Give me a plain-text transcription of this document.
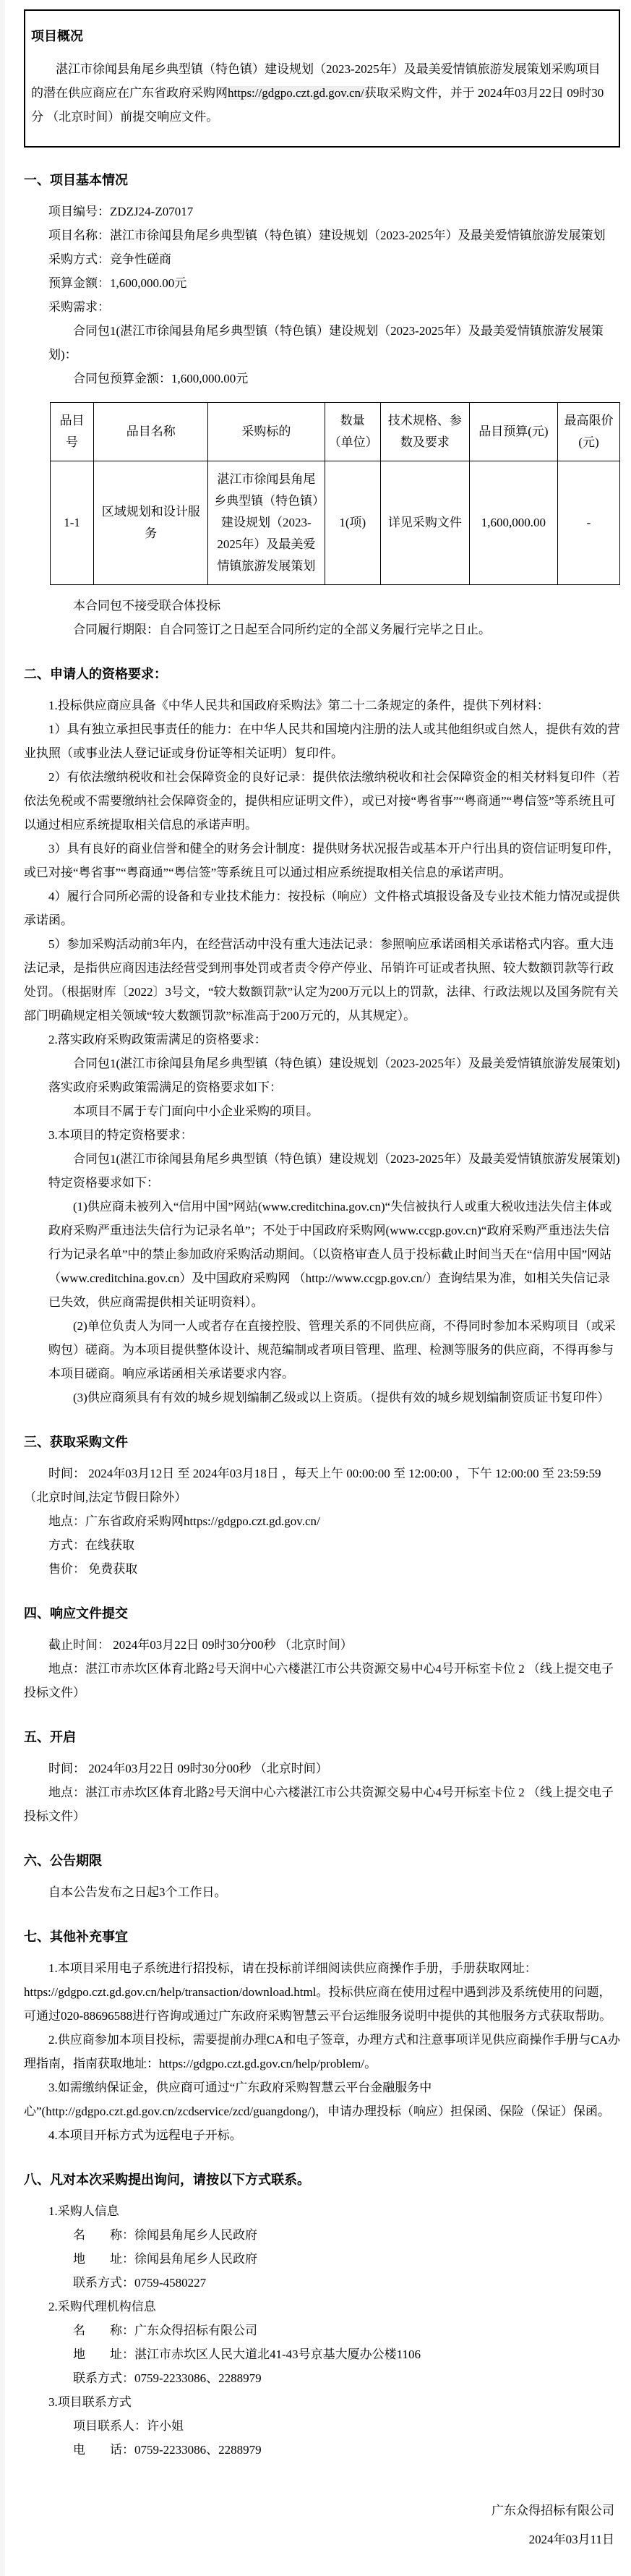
项目概况

湛江市徐闻县角尾乡典型镇（特色镇）建设规划（2023-2025年）及最美爱情镇旅游发展策划采购项目的潜在供应商应在广东省政府采购网https://gdgpo.czt.gd.gov.cn/获取采购文件，并于 2024年03月22日 09时30分 （北京时间）前提交响应文件。

一、项目基本情况

项目编号：ZDZJ24-Z07017

项目名称：湛江市徐闻县角尾乡典型镇（特色镇）建设规划（2023-2025年）及最美爱情镇旅游发展策划

采购方式：竞争性磋商

预算金额：1,600,000.00元

采购需求：

合同包1(湛江市徐闻县角尾乡典型镇（特色镇）建设规划（2023-2025年）及最美爱情镇旅游发展策划)：

合同包预算金额：1,600,000.00元

品目号	品目名称	采购标的	数量（单位）	技术规格、参数及要求	品目预算(元)	最高限价(元)
1-1	区域规划和设计服务	湛江市徐闻县角尾乡典型镇（特色镇）建设规划（2023-2025年）及最美爱情镇旅游发展策划	1(项)	详见采购文件	1,600,000.00	-

本合同包不接受联合体投标

合同履行期限：自合同签订之日起至合同所约定的全部义务履行完毕之日止。

二、申请人的资格要求：

1.投标供应商应具备《中华人民共和国政府采购法》第二十二条规定的条件，提供下列材料：

1）具有独立承担民事责任的能力：在中华人民共和国境内注册的法人或其他组织或自然人，提供有效的营业执照（或事业法人登记证或身份证等相关证明）复印件。

2）有依法缴纳税收和社会保障资金的良好记录：提供依法缴纳税收和社会保障资金的相关材料复印件（若依法免税或不需要缴纳社会保障资金的，提供相应证明文件），或已对接“粤省事”“粤商通”“粤信签”等系统且可以通过相应系统提取相关信息的承诺声明。

3）具有良好的商业信誉和健全的财务会计制度：提供财务状况报告或基本开户行出具的资信证明复印件，或已对接“粤省事”“粤商通”“粤信签”等系统且可以通过相应系统提取相关信息的承诺声明。

4）履行合同所必需的设备和专业技术能力：按投标（响应）文件格式填报设备及专业技术能力情况或提供承诺函。

5）参加采购活动前3年内，在经营活动中没有重大违法记录：参照响应承诺函相关承诺格式内容。重大违法记录，是指供应商因违法经营受到刑事处罚或者责令停产停业、吊销许可证或者执照、较大数额罚款等行政处罚。（根据财库〔2022〕3号文，“较大数额罚款”认定为200万元以上的罚款，法律、行政法规以及国务院有关部门明确规定相关领域“较大数额罚款”标准高于200万元的，从其规定）。

2.落实政府采购政策需满足的资格要求：

合同包1(湛江市徐闻县角尾乡典型镇（特色镇）建设规划（2023-2025年）及最美爱情镇旅游发展策划)落实政府采购政策需满足的资格要求如下：

本项目不属于专门面向中小企业采购的项目。

3.本项目的特定资格要求：

合同包1(湛江市徐闻县角尾乡典型镇（特色镇）建设规划（2023-2025年）及最美爱情镇旅游发展策划)特定资格要求如下：

(1)供应商未被列入“信用中国”网站(www.creditchina.gov.cn)“失信被执行人或重大税收违法失信主体或政府采购严重违法失信行为记录名单”；不处于中国政府采购网(www.ccgp.gov.cn)“政府采购严重违法失信行为记录名单”中的禁止参加政府采购活动期间。（以资格审查人员于投标截止时间当天在“信用中国”网站（www.creditchina.gov.cn）及中国政府采购网 （http://www.ccgp.gov.cn/）查询结果为准，如相关失信记录已失效，供应商需提供相关证明资料）。

(2)单位负责人为同一人或者存在直接控股、管理关系的不同供应商，不得同时参加本采购项目（或采购包）磋商。为本项目提供整体设计、规范编制或者项目管理、监理、检测等服务的供应商，不得再参与本项目磋商。响应承诺函相关承诺要求内容。

(3)供应商须具有有效的城乡规划编制乙级或以上资质。（提供有效的城乡规划编制资质证书复印件）

三、获取采购文件

时间： 2024年03月12日 至 2024年03月18日 ，每天上午 00:00:00 至 12:00:00 ，下午 12:00:00 至 23:59:59（北京时间,法定节假日除外）

地点：广东省政府采购网https://gdgpo.czt.gd.gov.cn/

方式：在线获取

售价： 免费获取

四、响应文件提交

截止时间： 2024年03月22日 09时30分00秒 （北京时间）

地点：湛江市赤坎区体育北路2号天润中心六楼湛江市公共资源交易中心4号开标室卡位 2 （线上提交电子投标文件）

五、开启

时间： 2024年03月22日 09时30分00秒 （北京时间）

地点：湛江市赤坎区体育北路2号天润中心六楼湛江市公共资源交易中心4号开标室卡位 2 （线上提交电子投标文件）

六、公告期限

自本公告发布之日起3个工作日。

七、其他补充事宜

1.本项目采用电子系统进行招投标，请在投标前详细阅读供应商操作手册，手册获取网址：https://gdgpo.czt.gd.gov.cn/help/transaction/download.html。投标供应商在使用过程中遇到涉及系统使用的问题，可通过020-88696588进行咨询或通过广东政府采购智慧云平台运维服务说明中提供的其他服务方式获取帮助。

2.供应商参加本项目投标，需要提前办理CA和电子签章，办理方式和注意事项详见供应商操作手册与CA办理指南，指南获取地址：https://gdgpo.czt.gd.gov.cn/help/problem/。

3.如需缴纳保证金，供应商可通过“广东政府采购智慧云平台金融服务中心”(http://gdgpo.czt.gd.gov.cn/zcdservice/zcd/guangdong/)，申请办理投标（响应）担保函、保险（保证）保函。

4.本项目开标方式为远程电子开标。

八、凡对本次采购提出询问，请按以下方式联系。

1.采购人信息

名　　称：徐闻县角尾乡人民政府

地　　址：徐闻县角尾乡人民政府

联系方式：0759-4580227

2.采购代理机构信息

名　　称：广东众得招标有限公司

地　　址：湛江市赤坎区人民大道北41-43号京基大厦办公楼1106

联系方式：0759-2233086、2288979

3.项目联系方式

项目联系人：许小姐

电　　话：0759-2233086、2288979

广东众得招标有限公司

2024年03月11日
